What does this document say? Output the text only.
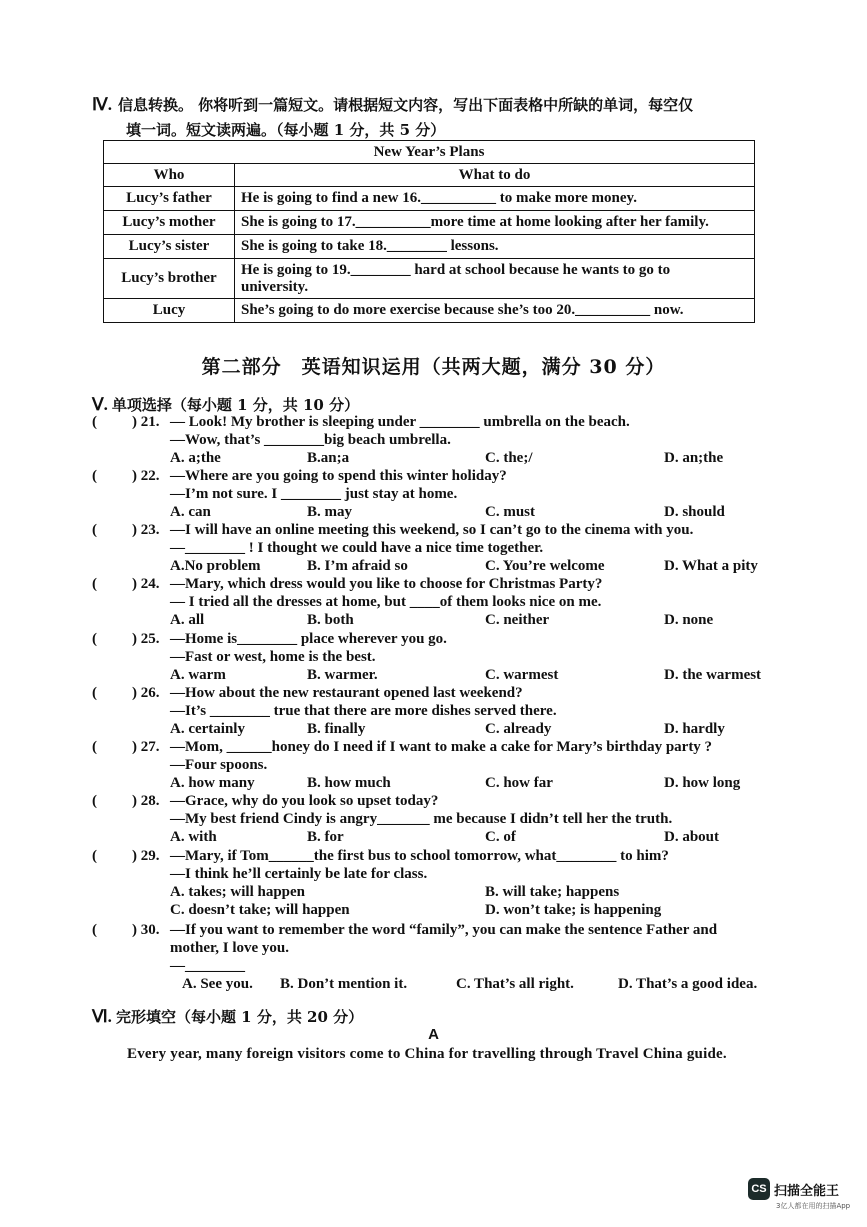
Ⅳ. 信息转换。 你将听到一篇短文。请根据短文内容，写出下面表格中所缺的单词，每空仅
填一词。短文读两遍。（每小题 1 分，共 5 分）
New Year’s Plans	
Who	What to do
Lucy’s father	He is going to find a new 16.__________ to make more money.
Lucy’s mother	She is going to 17.__________more time at home looking after her family.
Lucy’s sister	She is going to take 18.________ lessons.
Lucy’s brother	He is going to 19.________ hard at school because he wants to go to
university.

Lucy	She’s going to do more exercise because she’s too 20.__________ now.
第二部分　英语知识运用（共两大题，满分 30 分）
Ⅴ. 单项选择（每小题 1 分，共 10 分）
( ) 21. — Look! My brother is sleeping under ________ umbrella on the beach.
—Wow, that’s ________big beach umbrella.
A. a;the	B.an;a	C. the;/	D. an;the
( ) 22. —Where are you going to spend this winter holiday?
—I’m not sure. I ________ just stay at home.
A. can	B. may	C. must	D. should
( ) 23. —I will have an online meeting this weekend, so I can’t go to the cinema with you.
—________ ! I thought we could have a nice time together.
A.No problem	B. I’m afraid so	C. You’re welcome	D. What a pity
( ) 24. —Mary, which dress would you like to choose for Christmas Party?
— I tried all the dresses at home, but ____of them looks nice on me.
A. all	B. both	C. neither	D. none
( ) 25. —Home is________ place wherever you go.
—Fast or west, home is the best.
A. warm	B. warmer.	C. warmest	D. the warmest
( ) 26. —How about the new restaurant opened last weekend?
—It’s ________ true that there are more dishes served there.
A. certainly	B. finally	C. already	D. hardly
( ) 27. —Mom, ______honey do I need if I want to make a cake for Mary’s birthday party ?
—Four spoons.
A. how many	B. how much	C. how far	D. how long
( ) 28. —Grace, why do you look so upset today?
—My best friend Cindy is angry_______ me because I didn’t tell her the truth.
A. with	B. for	C. of	D. about
( ) 29. —Mary, if Tom______the first bus to school tomorrow, what________ to him?
—I think he’ll certainly be late for class.
A. takes; will happen	B. will take; happens
C. doesn’t take; will happen	D. won’t take; is happening
( ) 30. —If you want to remember the word “family”, you can make the sentence Father and
mother, I love you.
—________
A. See you. B. Don’t mention it.	C. That’s all right.	D. That’s a good idea.
Ⅵ. 完形填空（每小题 1 分，共 20 分）
A
Every year, many foreign visitors come to China for travelling through Travel China guide.
CS 扫描全能王
3亿人都在用的扫描App
